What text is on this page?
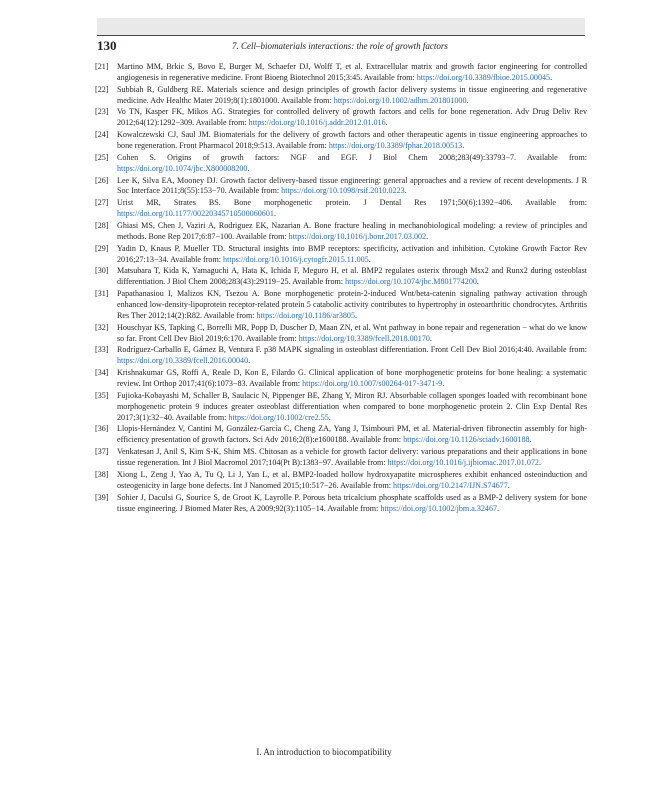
130	7. Cell–biomaterials interactions: the role of growth factors
[21]	Martino MM, Brkic S, Bovo E, Burger M, Schaefer DJ, Wolff T, et al. Extracellular matrix and growth factor engineering for controlled angiogenesis in regenerative medicine. Front Bioeng Biotechnol 2015;3:45. Available from: https://doi.org/10.3389/fbioe.2015.00045.
[22]	Subbiah R, Guldberg RE. Materials science and design principles of growth factor delivery systems in tissue engineering and regenerative medicine. Adv Healthc Mater 2019;8(1):1801000. Available from: https://doi.org/10.1002/adhm.201801000.
[23]	Vo TN, Kasper FK, Mikos AG. Strategies for controlled delivery of growth factors and cells for bone regeneration. Adv Drug Deliv Rev 2012;64(12):1292−309. Available from: https://doi.org/10.1016/j.addr.2012.01.016.
[24]	Kowalczewski CJ, Saul JM. Biomaterials for the delivery of growth factors and other therapeutic agents in tissue engineering approaches to bone regeneration. Front Pharmacol 2018;9:513. Available from: https://doi.org/10.3389/fphar.2018.00513.
[25]	Cohen S. Origins of growth factors: NGF and EGF. J Biol Chem 2008;283(49):33793−7. Available from: https://doi.org/10.1074/jbc.X800008200.
[26]	Lee K, Silva EA, Mooney DJ. Growth factor delivery-based tissue engineering: general approaches and a review of recent developments. J R Soc Interface 2011;8(55):153−70. Available from: https://doi.org/10.1098/rsif.2010.0223.
[27]	Urist MR, Strates BS. Bone morphogenetic protein. J Dental Res 1971;50(6):1392−406. Available from: https://doi.org/10.1177/00220345710500060601.
[28]	Ghiasi MS, Chen J, Vaziri A, Rodriguez EK, Nazarian A. Bone fracture healing in mechanobiological modeling: a review of principles and methods. Bone Rep 2017;6:87−100. Available from: https://doi.org/10.1016/j.bonr.2017.03.002.
[29]	Yadin D, Knaus P, Mueller TD. Structural insights into BMP receptors: specificity, activation and inhibition. Cytokine Growth Factor Rev 2016;27:13−34. Available from: https://doi.org/10.1016/j.cytogfr.2015.11.005.
[30]	Matsubara T, Kida K, Yamaguchi A, Hata K, Ichida F, Meguro H, et al. BMP2 regulates osterix through Msx2 and Runx2 during osteoblast differentiation. J Biol Chem 2008;283(43):29119−25. Available from: https://doi.org/10.1074/jbc.M801774200.
[31]	Papathanasiou I, Malizos KN, Tsezou A. Bone morphogenetic protein-2-induced Wnt/beta-catenin signaling pathway activation through enhanced low-density-lipoprotein receptor-related protein 5 catabolic activity contributes to hypertrophy in osteoarthritic chondrocytes. Arthritis Res Ther 2012;14(2):R82. Available from: https://doi.org/10.1186/ar3805.
[32]	Houschyar KS, Tapking C, Borrelli MR, Popp D, Duscher D, Maan ZN, et al. Wnt pathway in bone repair and regeneration − what do we know so far. Front Cell Dev Biol 2019;6:170. Available from: https://doi.org/10.3389/fcell.2018.00170.
[33]	Rodríguez-Carballo E, Gámez B, Ventura F. p38 MAPK signaling in osteoblast differentiation. Front Cell Dev Biol 2016;4:40. Available from: https://doi.org/10.3389/fcell.2016.00040.
[34]	Krishnakumar GS, Roffi A, Reale D, Kon E, Filardo G. Clinical application of bone morphogenetic proteins for bone healing: a systematic review. Int Orthop 2017;41(6):1073−83. Available from: https://doi.org/10.1007/s00264-017-3471-9.
[35]	Fujioka-Kobayashi M, Schaller B, Saulacic N, Pippenger BE, Zhang Y, Miron RJ. Absorbable collagen sponges loaded with recombinant bone morphogenetic protein 9 induces greater osteoblast differentiation when compared to bone morphogenetic protein 2. Clin Exp Dental Res 2017;3(1):32−40. Available from: https://doi.org/10.1002/cre2.55.
[36]	Llopis-Hernández V, Cantini M, González-García C, Cheng ZA, Yang J, Tsimbouri PM, et al. Material-driven fibronectin assembly for high-efficiency presentation of growth factors. Sci Adv 2016;2(8):e1600188. Available from: https://doi.org/10.1126/sciadv.1600188.
[37]	Venkatesan J, Anil S, Kim S-K, Shim MS. Chitosan as a vehicle for growth factor delivery: various preparations and their applications in bone tissue regeneration. Int J Biol Macromol 2017;104(Pt B):1383−97. Available from: https://doi.org/10.1016/j.ijbiomac.2017.01.072.
[38]	Xiong L, Zeng J, Yao A, Tu Q, Li J, Yan L, et al. BMP2-loaded hollow hydroxyapatite microspheres exhibit enhanced osteoinduction and osteogenicity in large bone defects. Int J Nanomed 2015;10:517−26. Available from: https://doi.org/10.2147/IJN.S74677.
[39]	Sohier J, Daculsi G, Sourice S, de Groot K, Layrolle P. Porous beta tricalcium phosphate scaffolds used as a BMP-2 delivery system for bone tissue engineering. J Biomed Mater Res, A 2009;92(3):1105−14. Available from: https://doi.org/10.1002/jbm.a.32467.
I. An introduction to biocompatibility
